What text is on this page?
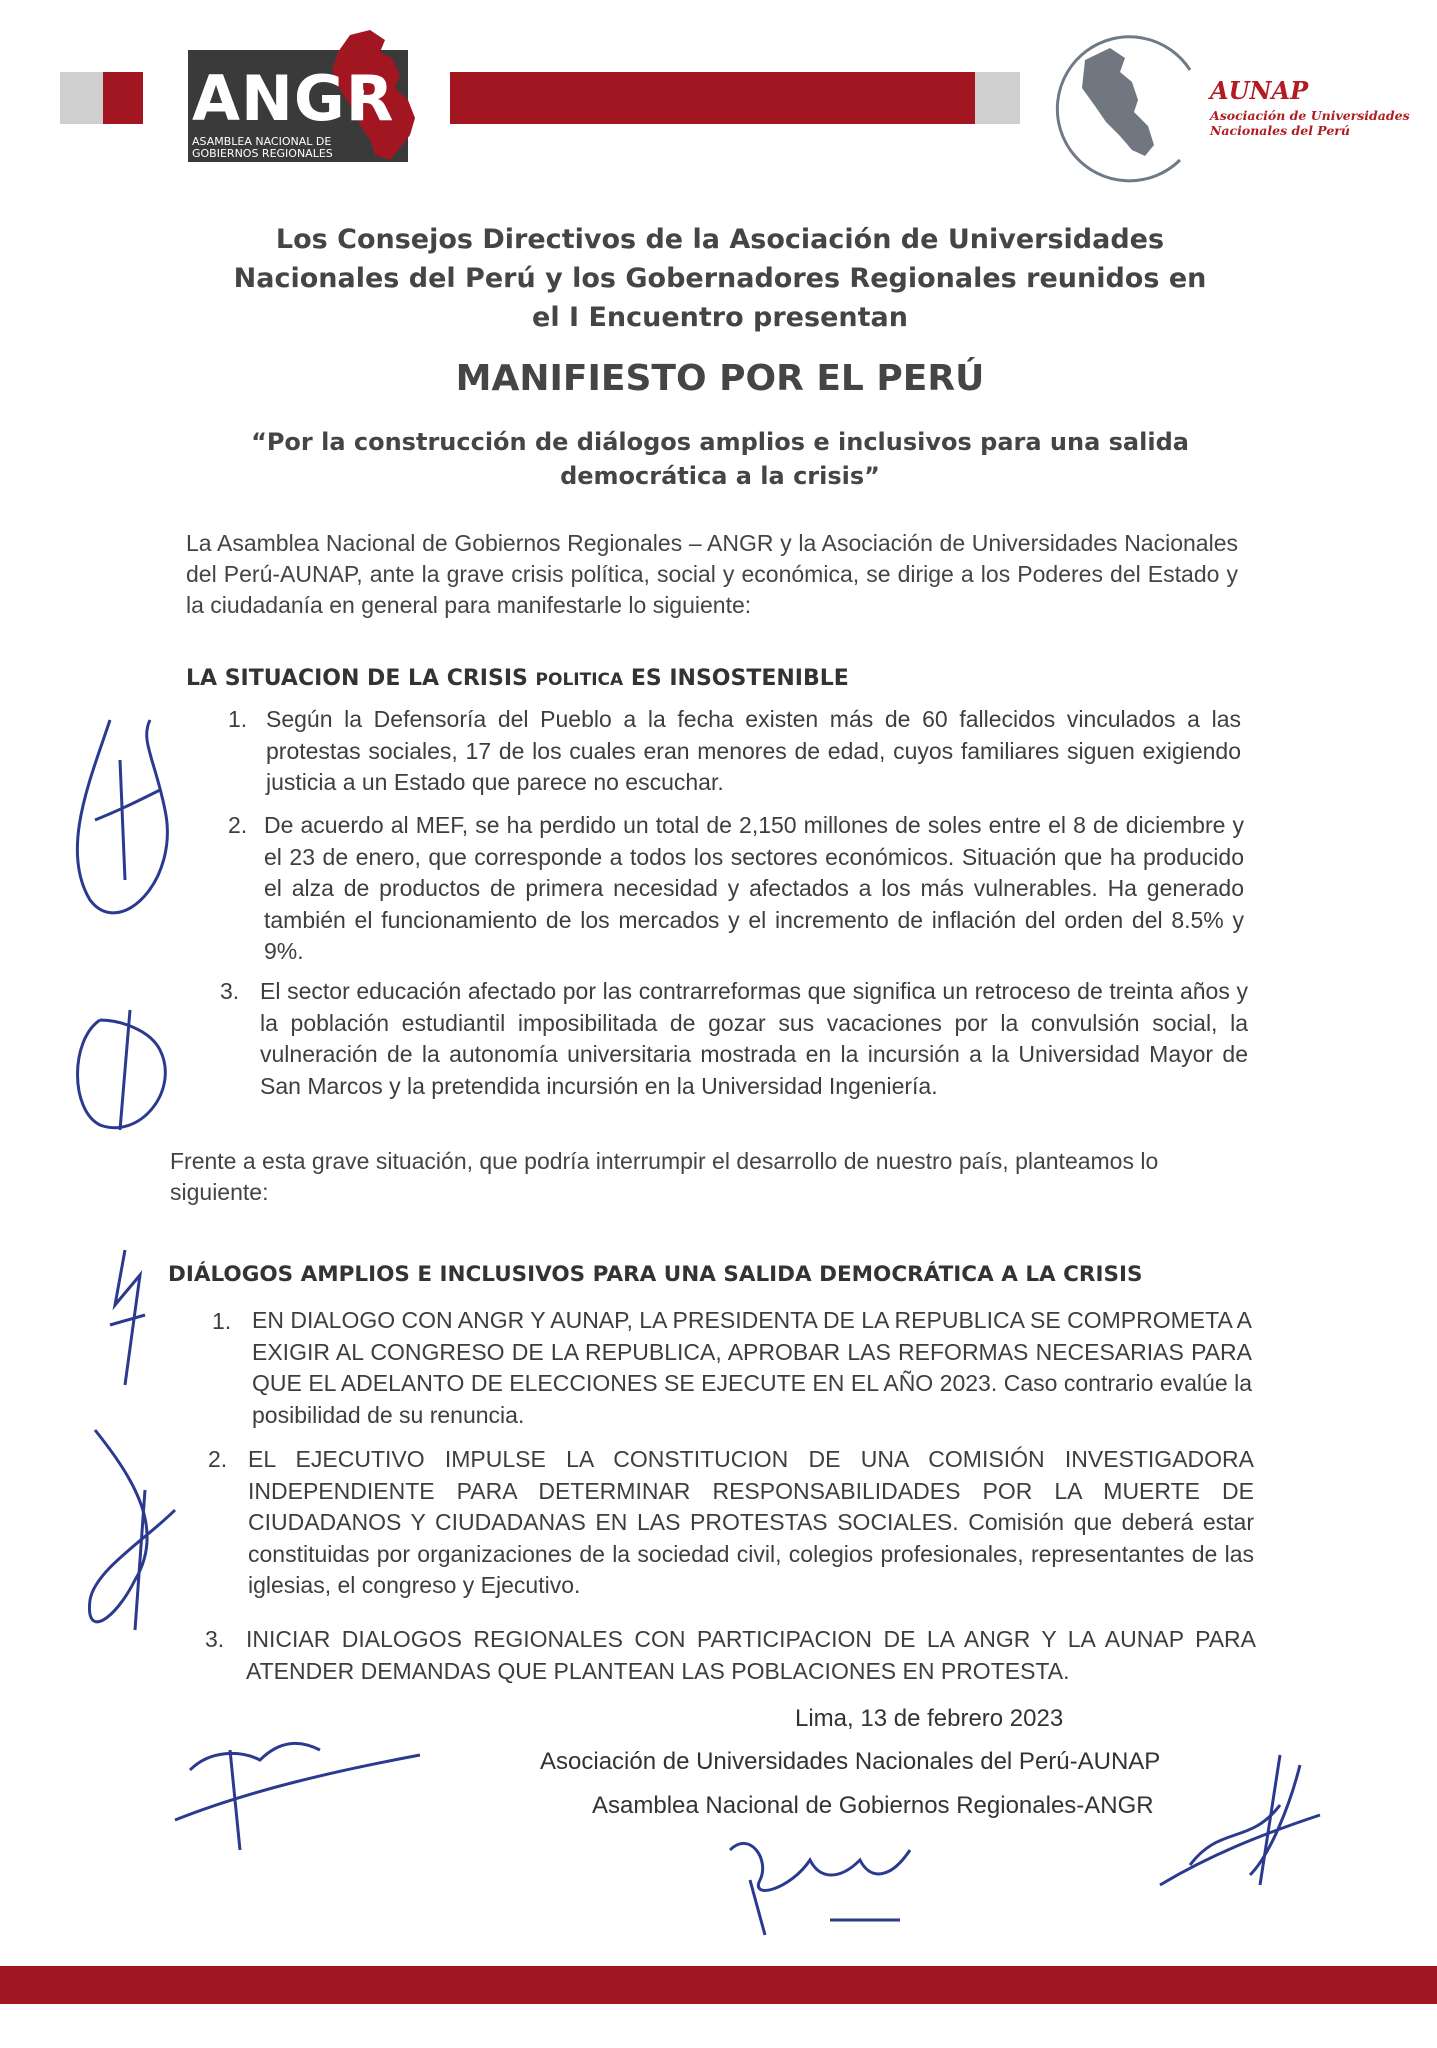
ANGR
ASAMBLEA NACIONAL DE
GOBIERNOS REGIONALES
AUNAP
Asociación de Universidades
Nacionales del Perú
Los Consejos Directivos de la Asociación de Universidades
Nacionales del Perú y los Gobernadores Regionales reunidos en
el I Encuentro presentan
MANIFIESTO POR EL PERÚ
“Por la construcción de diálogos amplios e inclusivos para una salida
democrática a la crisis”
La Asamblea Nacional de Gobiernos Regionales – ANGR y la Asociación de Universidades Nacionales del Perú-AUNAP, ante la grave crisis política, social y económica, se dirige a los Poderes del Estado y la ciudadanía en general para manifestarle lo siguiente:
LA SITUACION DE LA CRISIS POLITICA ES INSOSTENIBLE
1. Según la Defensoría del Pueblo a la fecha existen más de 60 fallecidos vinculados a las protestas sociales, 17 de los cuales eran menores de edad, cuyos familiares siguen exigiendo justicia a un Estado que parece no escuchar.
2. De acuerdo al MEF, se ha perdido un total de 2,150 millones de soles entre el 8 de diciembre y el 23 de enero, que corresponde a todos los sectores económicos. Situación que ha producido el alza de productos de primera necesidad y afectados a los más vulnerables. Ha generado también el funcionamiento de los mercados y el incremento de inflación del orden del 8.5% y 9%.
3. El sector educación afectado por las contrarreformas que significa un retroceso de treinta años y la población estudiantil imposibilitada de gozar sus vacaciones por la convulsión social, la vulneración de la autonomía universitaria mostrada en la incursión a la Universidad Mayor de San Marcos y la pretendida incursión en la Universidad Ingeniería.
Frente a esta grave situación, que podría interrumpir el desarrollo de nuestro país, planteamos lo siguiente:
DIÁLOGOS AMPLIOS E INCLUSIVOS PARA UNA SALIDA DEMOCRÁTICA A LA CRISIS
1. EN DIALOGO CON ANGR Y AUNAP, LA PRESIDENTA DE LA REPUBLICA SE COMPROMETA A EXIGIR AL CONGRESO DE LA REPUBLICA, APROBAR LAS REFORMAS NECESARIAS PARA QUE EL ADELANTO DE ELECCIONES SE EJECUTE EN EL AÑO 2023. Caso contrario evalúe la posibilidad de su renuncia.
2. EL EJECUTIVO IMPULSE LA CONSTITUCION DE UNA COMISIÓN INVESTIGADORA INDEPENDIENTE PARA DETERMINAR RESPONSABILIDADES POR LA MUERTE DE CIUDADANOS Y CIUDADANAS EN LAS PROTESTAS SOCIALES. Comisión que deberá estar constituidas por organizaciones de la sociedad civil, colegios profesionales, representantes de las iglesias, el congreso y Ejecutivo.
3. INICIAR DIALOGOS REGIONALES CON PARTICIPACION DE LA ANGR Y LA AUNAP PARA ATENDER DEMANDAS QUE PLANTEAN LAS POBLACIONES EN PROTESTA.
Lima, 13 de febrero 2023
Asociación de Universidades Nacionales del Perú-AUNAP
Asamblea Nacional de Gobiernos Regionales-ANGR
